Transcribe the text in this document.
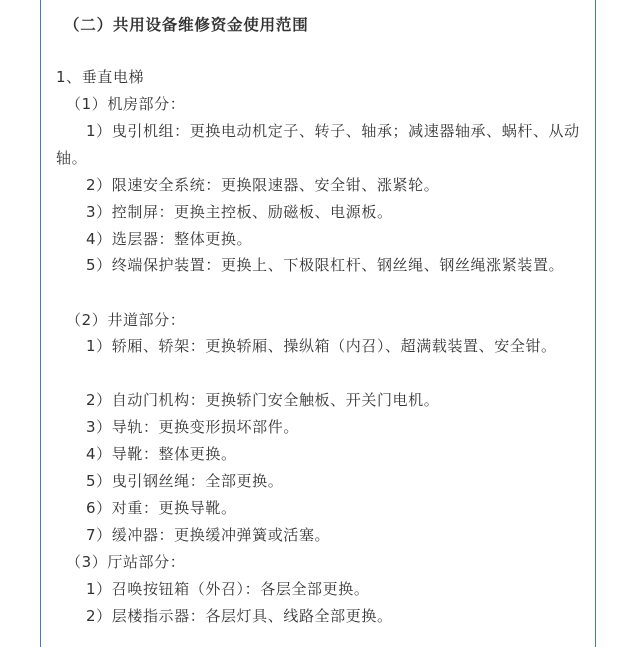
（二）共用设备维修资金使用范围
1、垂直电梯
（1）机房部分：
1）曳引机组：更换电动机定子、转子、轴承；减速器轴承、蜗杆、从动轴。
2）限速安全系统：更换限速器、安全钳、涨紧轮。
3）控制屏：更换主控板、励磁板、电源板。
4）选层器：整体更换。
5）终端保护装置：更换上、下极限杠杆、钢丝绳、钢丝绳涨紧装置。
（2）井道部分：
1）轿厢、轿架：更换轿厢、操纵箱（内召）、超满载装置、安全钳。
2）自动门机构：更换轿门安全触板、开关门电机。
3）导轨：更换变形损坏部件。
4）导靴：整体更换。
5）曳引钢丝绳：全部更换。
6）对重：更换导靴。
7）缓冲器：更换缓冲弹簧或活塞。
（3）厅站部分：
1）召唤按钮箱（外召）：各层全部更换。
2）层楼指示器：各层灯具、线路全部更换。
